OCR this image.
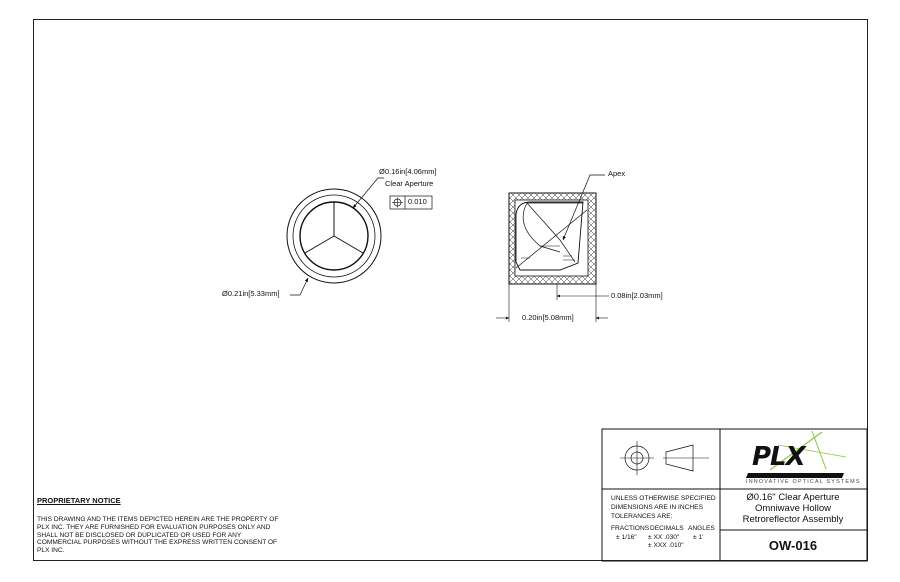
Ø0.16in[4.06mm]
Clear Aperture
0.010
Ø0.21in[5.33mm]
Apex
0.08in[2.03mm]
0.20in[5.08mm]
PROPRIETARY NOTICE
THIS DRAWING AND THE ITEMS DEPICTED HEREIN ARE THE PROPERTY OF
PLX INC. THEY ARE FURNISHED FOR EVALUATION PURPOSES ONLY AND
SHALL NOT BE DISCLOSED OR DUPLICATED OR USED FOR ANY
COMMERCIAL PURPOSES WITHOUT THE EXPRESS WRITTEN CONSENT OF
PLX INC.
UNLESS OTHERWISE SPECIFIED
DIMENSIONS ARE IN INCHES
TOLERANCES ARE:
FRACTIONS
± 1/16"
DECIMALS
± XX .030"
± XXX .010"
ANGLES
± 1'
PLX
INNOVATIVE OPTICAL SYSTEMS
Ø0.16" Clear Aperture
Omniwave Hollow
Retroreflector Assembly
OW-016
